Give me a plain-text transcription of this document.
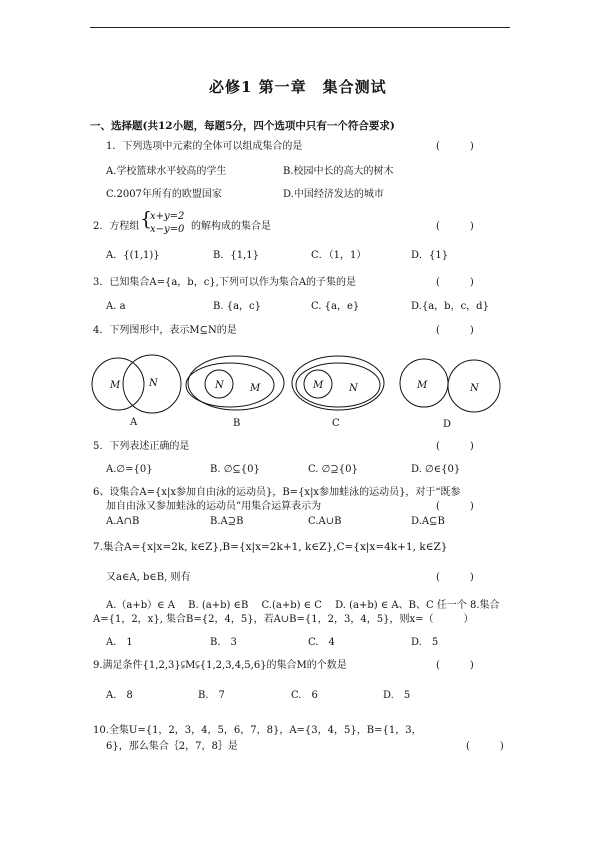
必修1 第一章　集合测试
一、选择题(共12小题，每题5分，四个选项中只有一个符合要求)
1．下列选项中元素的全体可以组成集合的是	(　　　)
A.学校篮球水平较高的学生	B.校园中长的高大的树木
C.2007年所有的欧盟国家	D.中国经济发达的城市
2．方程组 {
x+y=2
x−y=0 的解构成的集合是	(　　　)
A．{(1,1)}	B．{1,1}	C．（1，1）	D．{1}
3．已知集合A={a，b，c},下列可以作为集合A的子集的是	(　　　)
A. a	B. {a，c}	C. {a，e}	D.{a，b，c，d}
4．下列图形中，表示M⊆N的是	(　　　)
M	N	N	M	M	N	M	N
A	B	C	D
5．下列表述正确的是	(　　　)
A.∅={0}	B. ∅⊆{0}	C. ∅⊇{0}	D. ∅∈{0}
6、设集合A={x|x参加自由泳的运动员}，B={x|x参加蛙泳的运动员}，对于“既参
加自由泳又参加蛙泳的运动员”用集合运算表示为	(　　　)
A.A∩B	B.A⊇B	C.A∪B	D.A⊆B
7.集合A={x|x=2k, k∈Z},B={x|x=2k+1, k∈Z},C={x|x=4k+1, k∈Z}
又a∈A, b∈B, 则有	(　　　)
A.（a+b）∈ A　 B. (a+b) ∈B　 C.(a+b) ∈ C　 D. (a+b) ∈ A、B、C 任一个 8.集合
A={1，2，x}, 集合B={2，4，5}，若A∪B={1，2，3，4，5}，则x=（　　　）
A.　1	B.　3	C.　4	D.　5
9.满足条件{1,2,3}⫋M⫋{1,2,3,4,5,6}的集合M的个数是	(　　　)
A.　8	B.　7	C.　6	D.　5
10.全集U={1，2，3，4，5，6，7，8}，A={3，4，5}，B={1，3，
6}，那么集合｛2，7，8｝是	(　　　)
